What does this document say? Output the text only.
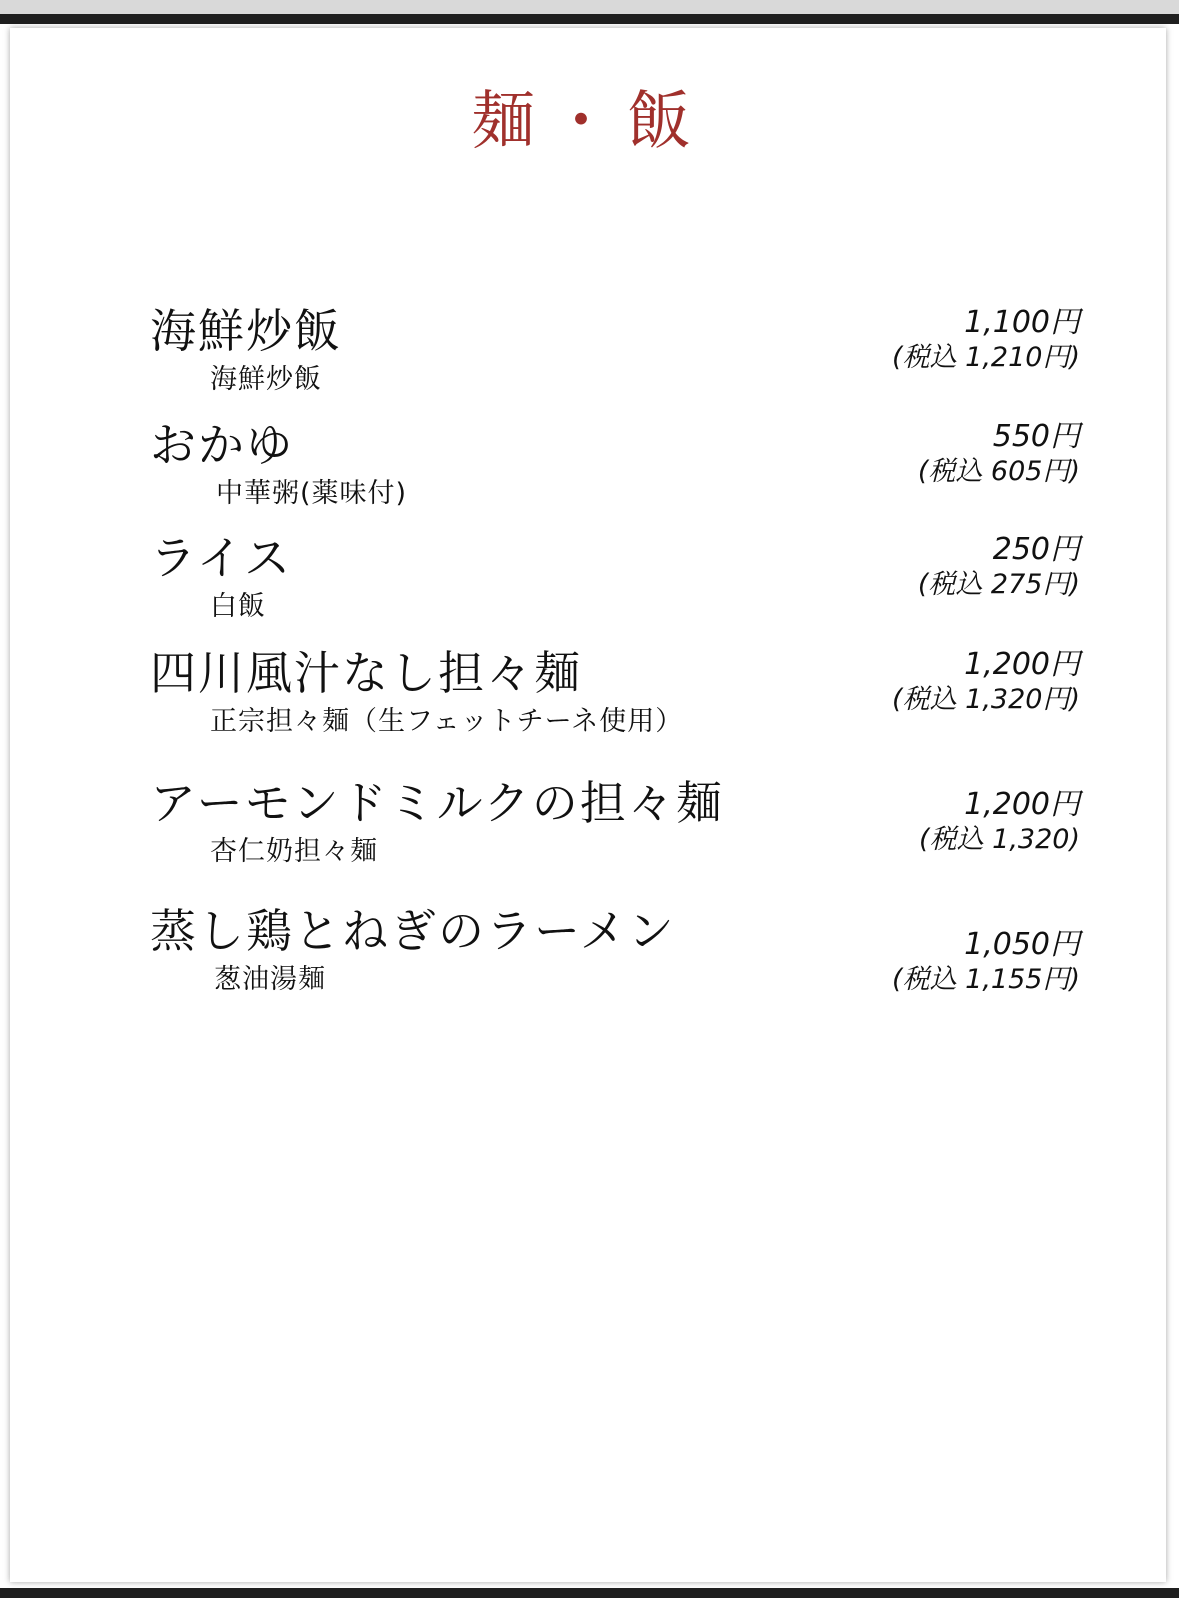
麺・飯
海鮮炒飯
海鮮炒飯
1,100円
(税込 1,210円)
おかゆ
中華粥(薬味付)
550円
(税込 605円)
ライス
白飯
250円
(税込 275円)
四川風汁なし担々麺
正宗担々麺（生フェットチーネ使用）
1,200円
(税込 1,320円)
アーモンドミルクの担々麺
杏仁奶担々麺
1,200円
(税込 1,320)
蒸し鶏とねぎのラーメン
葱油湯麺
1,050円
(税込 1,155円)
